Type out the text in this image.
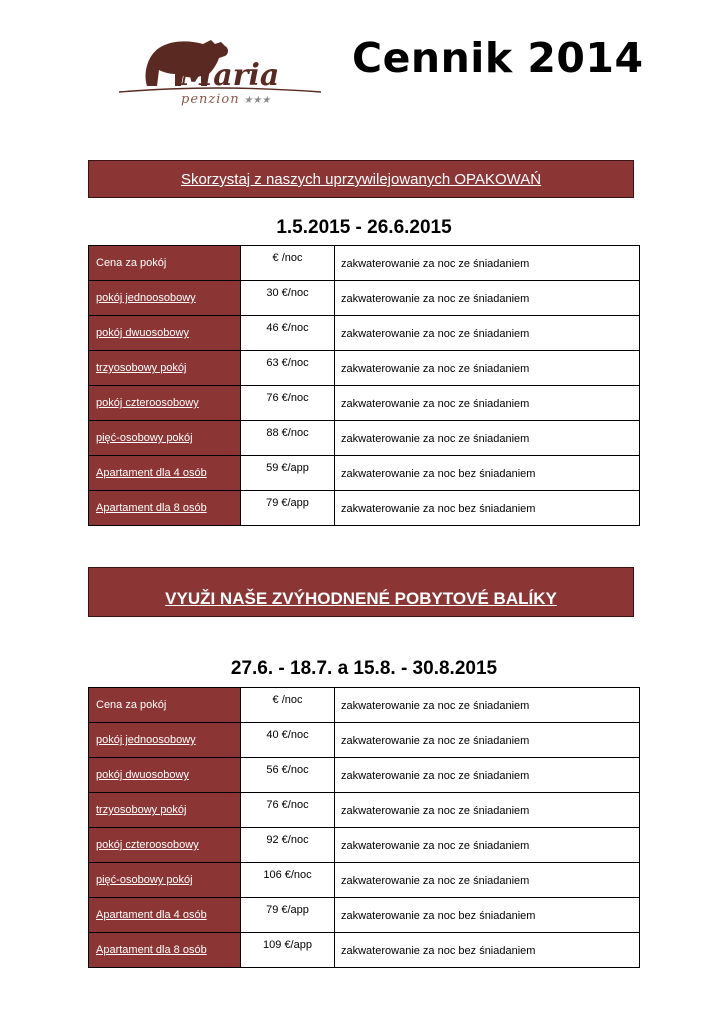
Maria
penzion ★★★
Cennik 2014
Skorzystaj z naszych uprzywilejowanych OPAKOWAŃ
1.5.2015 - 26.6.2015
Cena za pokój	€ /noc	zakwaterowanie za noc ze śniadaniem
pokój jednoosobowy	30 €/noc	zakwaterowanie za noc ze śniadaniem
pokój dwuosobowy	46 €/noc	zakwaterowanie za noc ze śniadaniem
trzyosobowy pokój	63 €/noc	zakwaterowanie za noc ze śniadaniem
pokój czteroosobowy	76 €/noc	zakwaterowanie za noc ze śniadaniem
pięć-osobowy pokój	88 €/noc	zakwaterowanie za noc ze śniadaniem
Apartament dla 4 osób	59 €/app	zakwaterowanie za noc bez śniadaniem
Apartament dla 8 osób	79 €/app	zakwaterowanie za noc bez śniadaniem
VYUŽI NAŠE ZVÝHODNENÉ POBYTOVÉ BALÍKY
27.6. - 18.7. a 15.8. - 30.8.2015
Cena za pokój	€ /noc	zakwaterowanie za noc ze śniadaniem
pokój jednoosobowy	40 €/noc	zakwaterowanie za noc ze śniadaniem
pokój dwuosobowy	56 €/noc	zakwaterowanie za noc ze śniadaniem
trzyosobowy pokój	76 €/noc	zakwaterowanie za noc ze śniadaniem
pokój czteroosobowy	92 €/noc	zakwaterowanie za noc ze śniadaniem
pięć-osobowy pokój	106 €/noc	zakwaterowanie za noc ze śniadaniem
Apartament dla 4 osób	79 €/app	zakwaterowanie za noc bez śniadaniem
Apartament dla 8 osób	109 €/app	zakwaterowanie za noc bez śniadaniem
